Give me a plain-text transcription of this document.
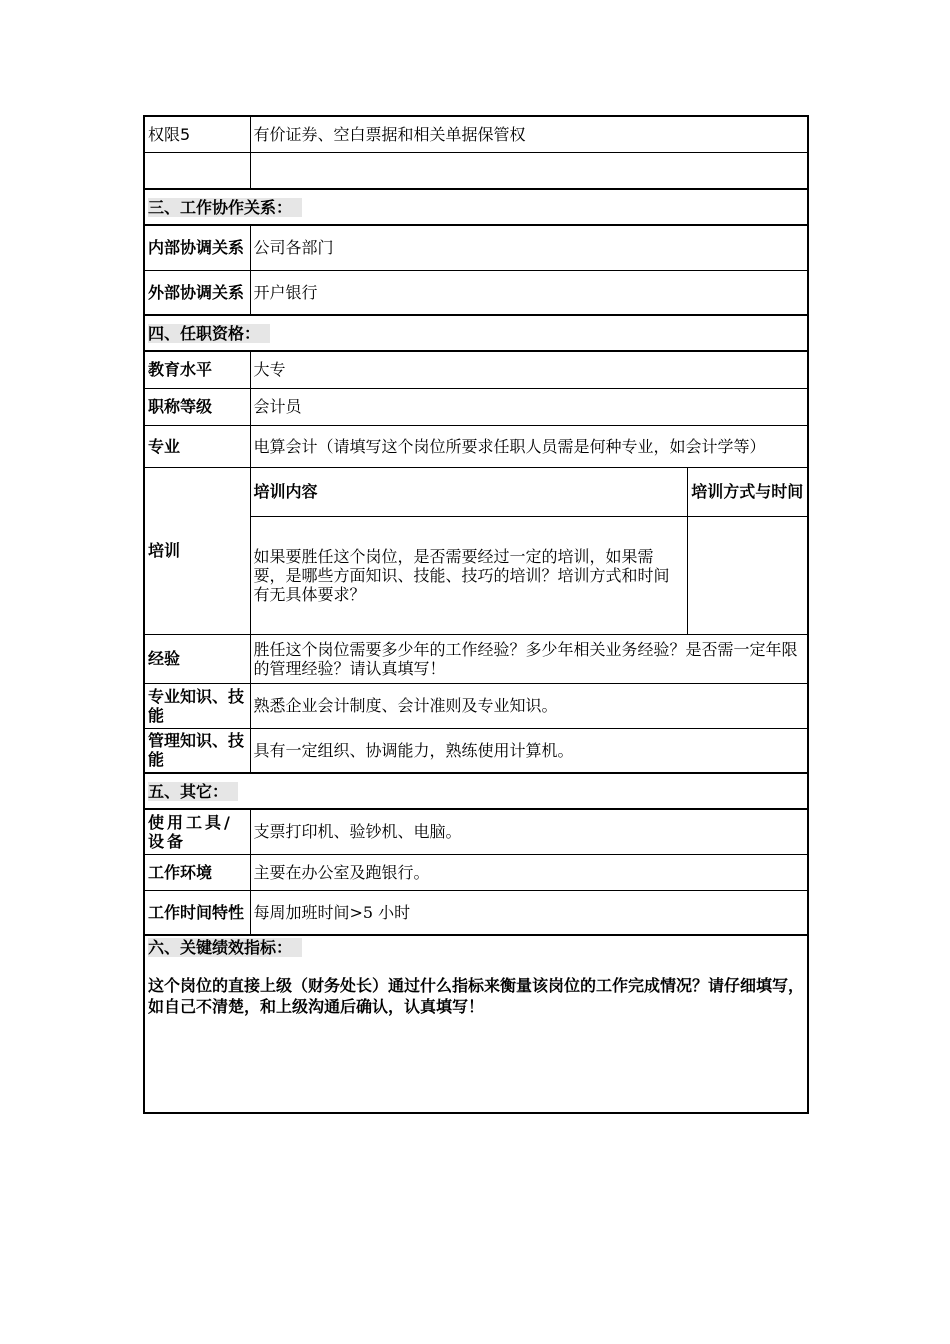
权限5	有价证券、空白票据和相关单据保管权	

三、工作协作关系：		
内部协调关系	公司各部门	
外部协调关系	开户银行	
四、任职资格：		
教育水平	大专	
职称等级	会计员	
专业	电算会计（请填写这个岗位所要求任职人员需是何种专业，如会计学等）	
培训	培训内容	培训方式与时间
	如果要胜任这个岗位，是否需要经过一定的培训，如果需要，是哪些方面知识、技能、技巧的培训？培训方式和时间有无具体要求？	
经验	胜任这个岗位需要多少年的工作经验？多少年相关业务经验？是否需一定年限的管理经验？请认真填写！	
专业知识、技能	熟悉企业会计制度、会计准则及专业知识。	
管理知识、技能	具有一定组织、协调能力，熟练使用计算机。	
五、其它：		
使用工具/设备	支票打印机、验钞机、电脑。	
工作环境	主要在办公室及跑银行。	
工作时间特性	每周加班时间>5 小时	

六、关键绩效指标：
这个岗位的直接上级（财务处长）通过什么指标来衡量该岗位的工作完成情况？请仔细填写，如自己不清楚，和上级沟通后确认，认真填写！		
